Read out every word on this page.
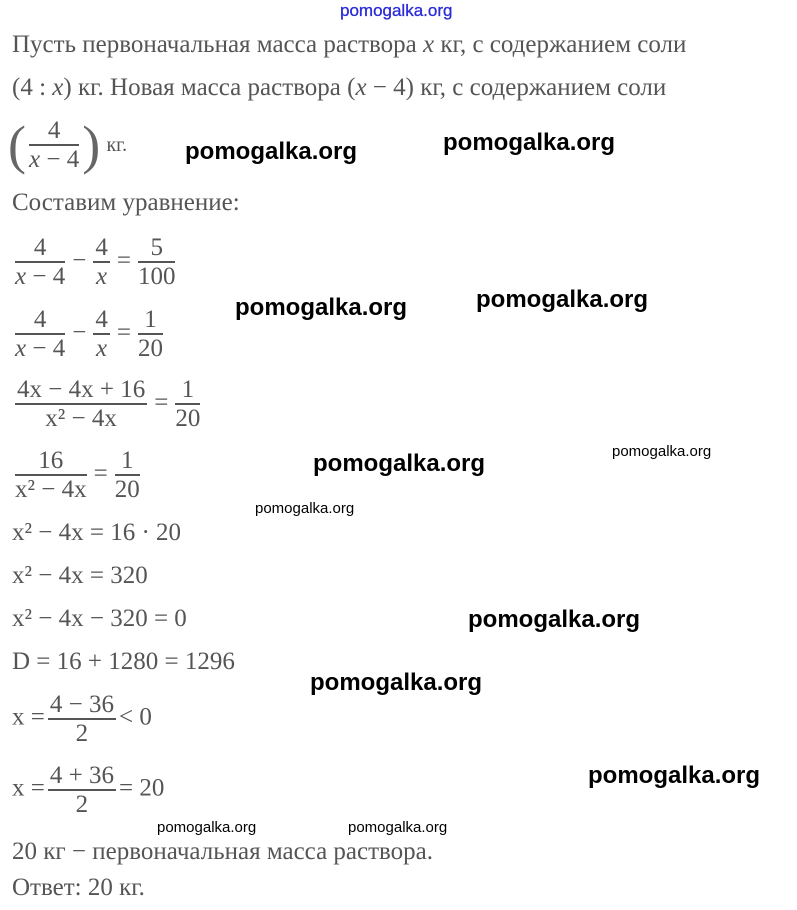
pomogalka.org
Пусть первоначальная масса раствора x кг, с содержанием соли
(4 : x) кг. Новая масса раствора (x − 4) кг, с содержанием соли
( $\frac{4}{x - 4}$ ) кг.
Составим уравнение:
$\frac{4}{x - 4} - \frac{4}{x} = \frac{5}{100}$
$\frac{4}{x - 4} - \frac{4}{x} = \frac{1}{20}$
$\frac{4x - 4x + 16}{\text{x² − 4x}} = \frac{1}{20}$
$\frac{16}{\text{x² − 4x}} = \frac{1}{20}$
x² − 4x = 16 · 20
x² − 4x = 320
x² − 4x − 320 = 0
D = 16 + 1280 = 1296
$x = \frac{4 - 36}{2} < 0$
$x = \frac{4 + 36}{2} = 20$
20 кг − первоначальная масса раствора.
Ответ: 20 кг.
pomogalka.org	pomogalka.org
pomogalka.org	pomogalka.org
pomogalka.org	pomogalka.org
pomogalka.org
pomogalka.org
pomogalka.org
pomogalka.org
pomogalka.org	pomogalka.org
